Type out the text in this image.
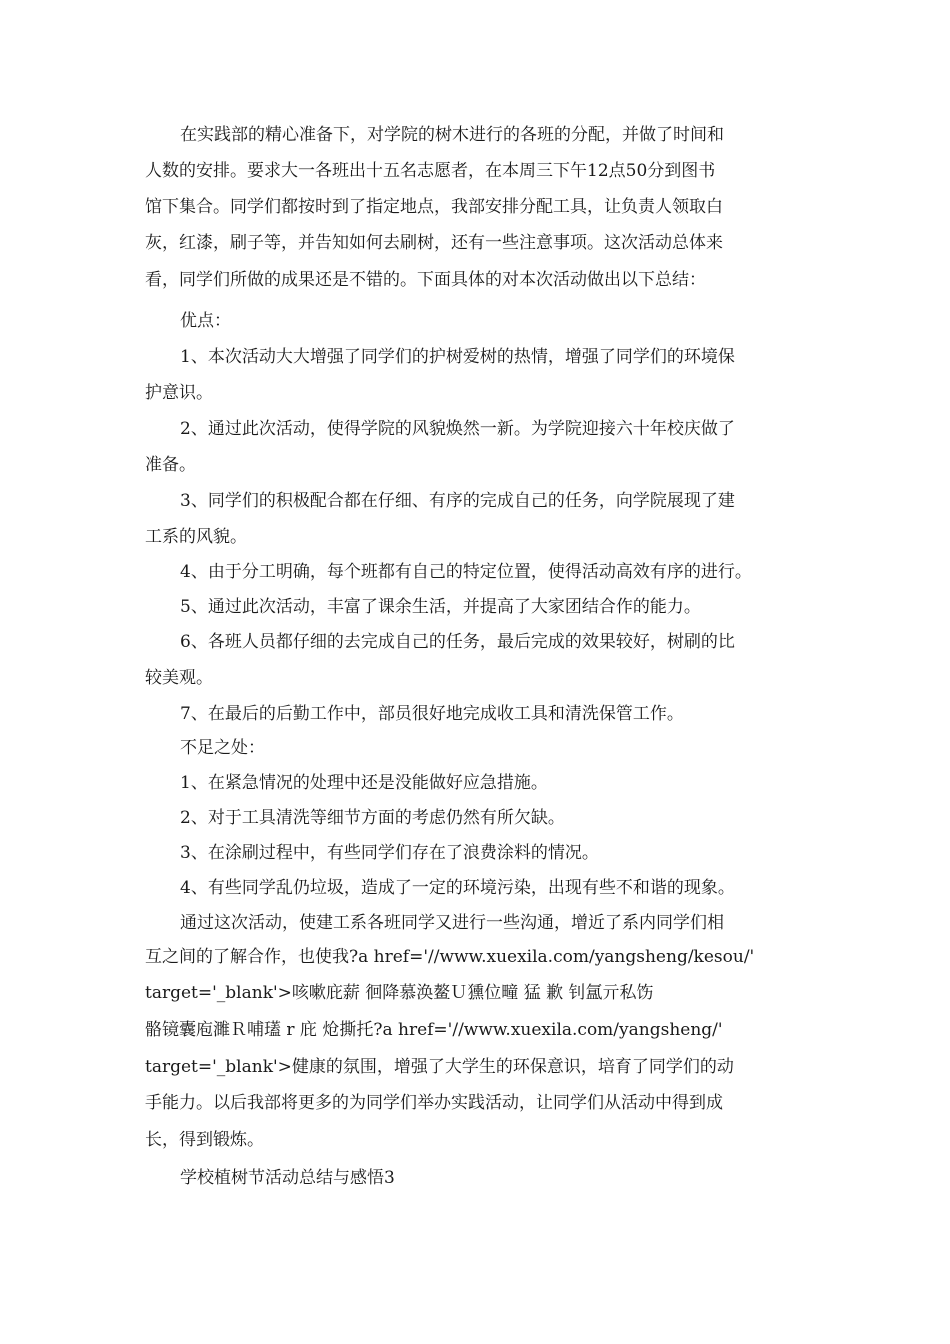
在实践部的精心准备下，对学院的树木进行的各班的分配，并做了时间和
人数的安排。要求大一各班出十五名志愿者，在本周三下午12点50分到图书
馆下集合。同学们都按时到了指定地点，我部安排分配工具，让负责人领取白
灰，红漆，刷子等，并告知如何去刷树，还有一些注意事项。这次活动总体来
看，同学们所做的成果还是不错的。下面具体的对本次活动做出以下总结：
优点：
1、本次活动大大增强了同学们的护树爱树的热情，增强了同学们的环境保
护意识。
2、通过此次活动，使得学院的风貌焕然一新。为学院迎接六十年校庆做了
准备。
3、同学们的积极配合都在仔细、有序的完成自己的任务，向学院展现了建
工系的风貌。
4、由于分工明确，每个班都有自己的特定位置，使得活动高效有序的进行。
5、通过此次活动，丰富了课余生活，并提高了大家团结合作的能力。
6、各班人员都仔细的去完成自己的任务，最后完成的效果较好，树刷的比
较美观。
7、在最后的后勤工作中，部员很好地完成收工具和清洗保管工作。
不足之处：
1、在紧急情况的处理中还是没能做好应急措施。
2、对于工具清洗等细节方面的考虑仍然有所欠缺。
3、在涂刷过程中，有些同学们存在了浪费涂料的情况。
4、有些同学乱仍垃圾，造成了一定的环境污染，出现有些不和谐的现象。
通过这次活动，使建工系各班同学又进行一些沟通，增近了系内同学们相
互之间的了解合作，也使我?a href='//www.xuexila.com/yangsheng/kesou/'
target='_blank'>咳嗽庇薪 徊降慕涣鳌Ｕ獯位疃 猛 歉 钊氲亓私饬
骼镜囊庖濉Ｒ哺瓂 r 庇 炝撕托?a href='//www.xuexila.com/yangsheng/'
target='_blank'>健康的氛围，增强了大学生的环保意识，培育了同学们的动
手能力。以后我部将更多的为同学们举办实践活动，让同学们从活动中得到成
长，得到锻炼。
学校植树节活动总结与感悟3
